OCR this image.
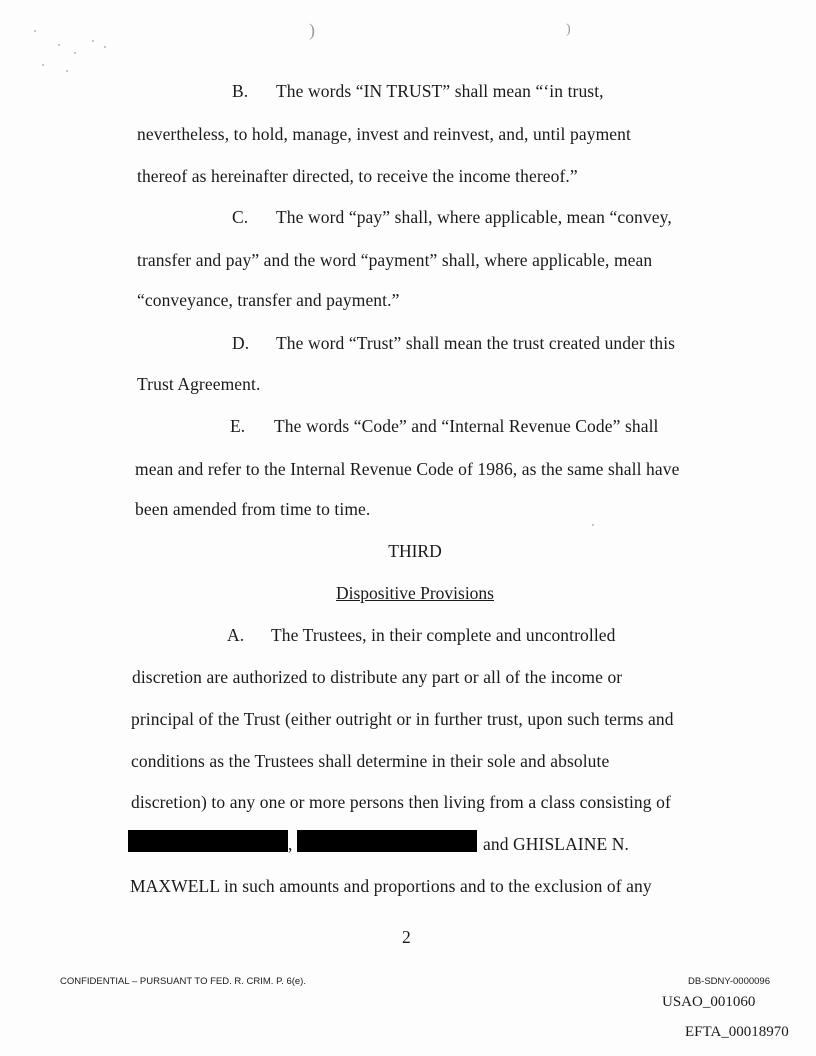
)	)
B. The words “IN TRUST” shall mean “‘in trust,
nevertheless, to hold, manage, invest and reinvest, and, until payment
thereof as hereinafter directed, to receive the income thereof.”
C. The word “pay” shall, where applicable, mean “convey,
transfer and pay” and the word “payment” shall, where applicable, mean
“conveyance, transfer and payment.”
D. The word “Trust” shall mean the trust created under this
Trust Agreement.
E. The words “Code” and “Internal Revenue Code” shall
mean and refer to the Internal Revenue Code of 1986, as the same shall have
been amended from time to time.
THIRD
Dispositive Provisions
A. The Trustees, in their complete and uncontrolled
discretion are authorized to distribute any part or all of the income or
principal of the Trust (either outright or in further trust, upon such terms and
conditions as the Trustees shall determine in their sole and absolute
discretion) to any one or more persons then living from a class consisting of
,	and GHISLAINE N.
MAXWELL in such amounts and proportions and to the exclusion of any
2
CONFIDENTIAL – PURSUANT TO FED. R. CRIM. P. 6(e).	DB-SDNY-0000096
USAO_001060
EFTA_00018970
